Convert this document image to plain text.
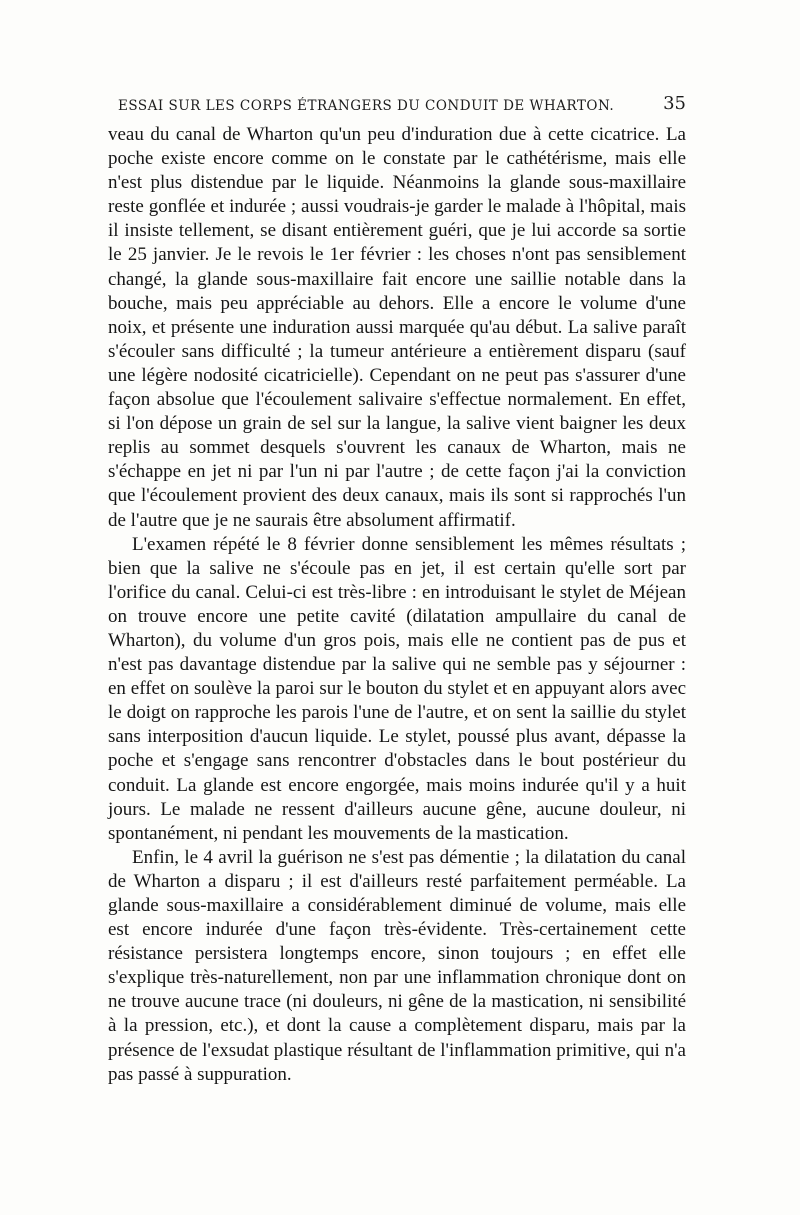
ESSAI SUR LES CORPS ÉTRANGERS DU CONDUIT DE WHARTON.	35

veau du canal de Wharton qu'un peu d'induration due à cette cicatrice. La poche existe encore comme on le constate par le cathétérisme, mais elle n'est plus distendue par le liquide. Néanmoins la glande sous-maxillaire reste gonflée et indurée ; aussi voudrais-je garder le malade à l'hôpital, mais il insiste tellement, se disant entièrement guéri, que je lui accorde sa sortie le 25 janvier. Je le revois le 1er février : les choses n'ont pas sensiblement changé, la glande sous-maxillaire fait encore une saillie notable dans la bouche, mais peu appréciable au dehors. Elle a encore le volume d'une noix, et présente une induration aussi marquée qu'au début. La salive paraît s'écouler sans difficulté ; la tumeur antérieure a entièrement disparu (sauf une légère nodosité cicatricielle). Cependant on ne peut pas s'assurer d'une façon absolue que l'écoulement salivaire s'effectue normalement. En effet, si l'on dépose un grain de sel sur la langue, la salive vient baigner les deux replis au sommet desquels s'ouvrent les canaux de Wharton, mais ne s'échappe en jet ni par l'un ni par l'autre ; de cette façon j'ai la conviction que l'écoulement provient des deux canaux, mais ils sont si rapprochés l'un de l'autre que je ne saurais être absolument affirmatif.

L'examen répété le 8 février donne sensiblement les mêmes résultats ; bien que la salive ne s'écoule pas en jet, il est certain qu'elle sort par l'orifice du canal. Celui-ci est très-libre : en introduisant le stylet de Méjean on trouve encore une petite cavité (dilatation ampullaire du canal de Wharton), du volume d'un gros pois, mais elle ne contient pas de pus et n'est pas davantage distendue par la salive qui ne semble pas y séjourner : en effet on soulève la paroi sur le bouton du stylet et en appuyant alors avec le doigt on rapproche les parois l'une de l'autre, et on sent la saillie du stylet sans interposition d'aucun liquide. Le stylet, poussé plus avant, dépasse la poche et s'engage sans rencontrer d'obstacles dans le bout postérieur du conduit. La glande est encore engorgée, mais moins indurée qu'il y a huit jours. Le malade ne ressent d'ailleurs aucune gêne, aucune douleur, ni spontanément, ni pendant les mouvements de la mastication.

Enfin, le 4 avril la guérison ne s'est pas démentie ; la dilatation du canal de Wharton a disparu ; il est d'ailleurs resté parfaitement perméable. La glande sous-maxillaire a considérablement diminué de volume, mais elle est encore indurée d'une façon très-évidente. Très-certainement cette résistance persistera longtemps encore, sinon toujours ; en effet elle s'explique très-naturellement, non par une inflammation chronique dont on ne trouve aucune trace (ni douleurs, ni gêne de la mastication, ni sensibilité à la pression, etc.), et dont la cause a complètement disparu, mais par la présence de l'exsudat plastique résultant de l'inflammation primitive, qui n'a pas passé à suppuration.
